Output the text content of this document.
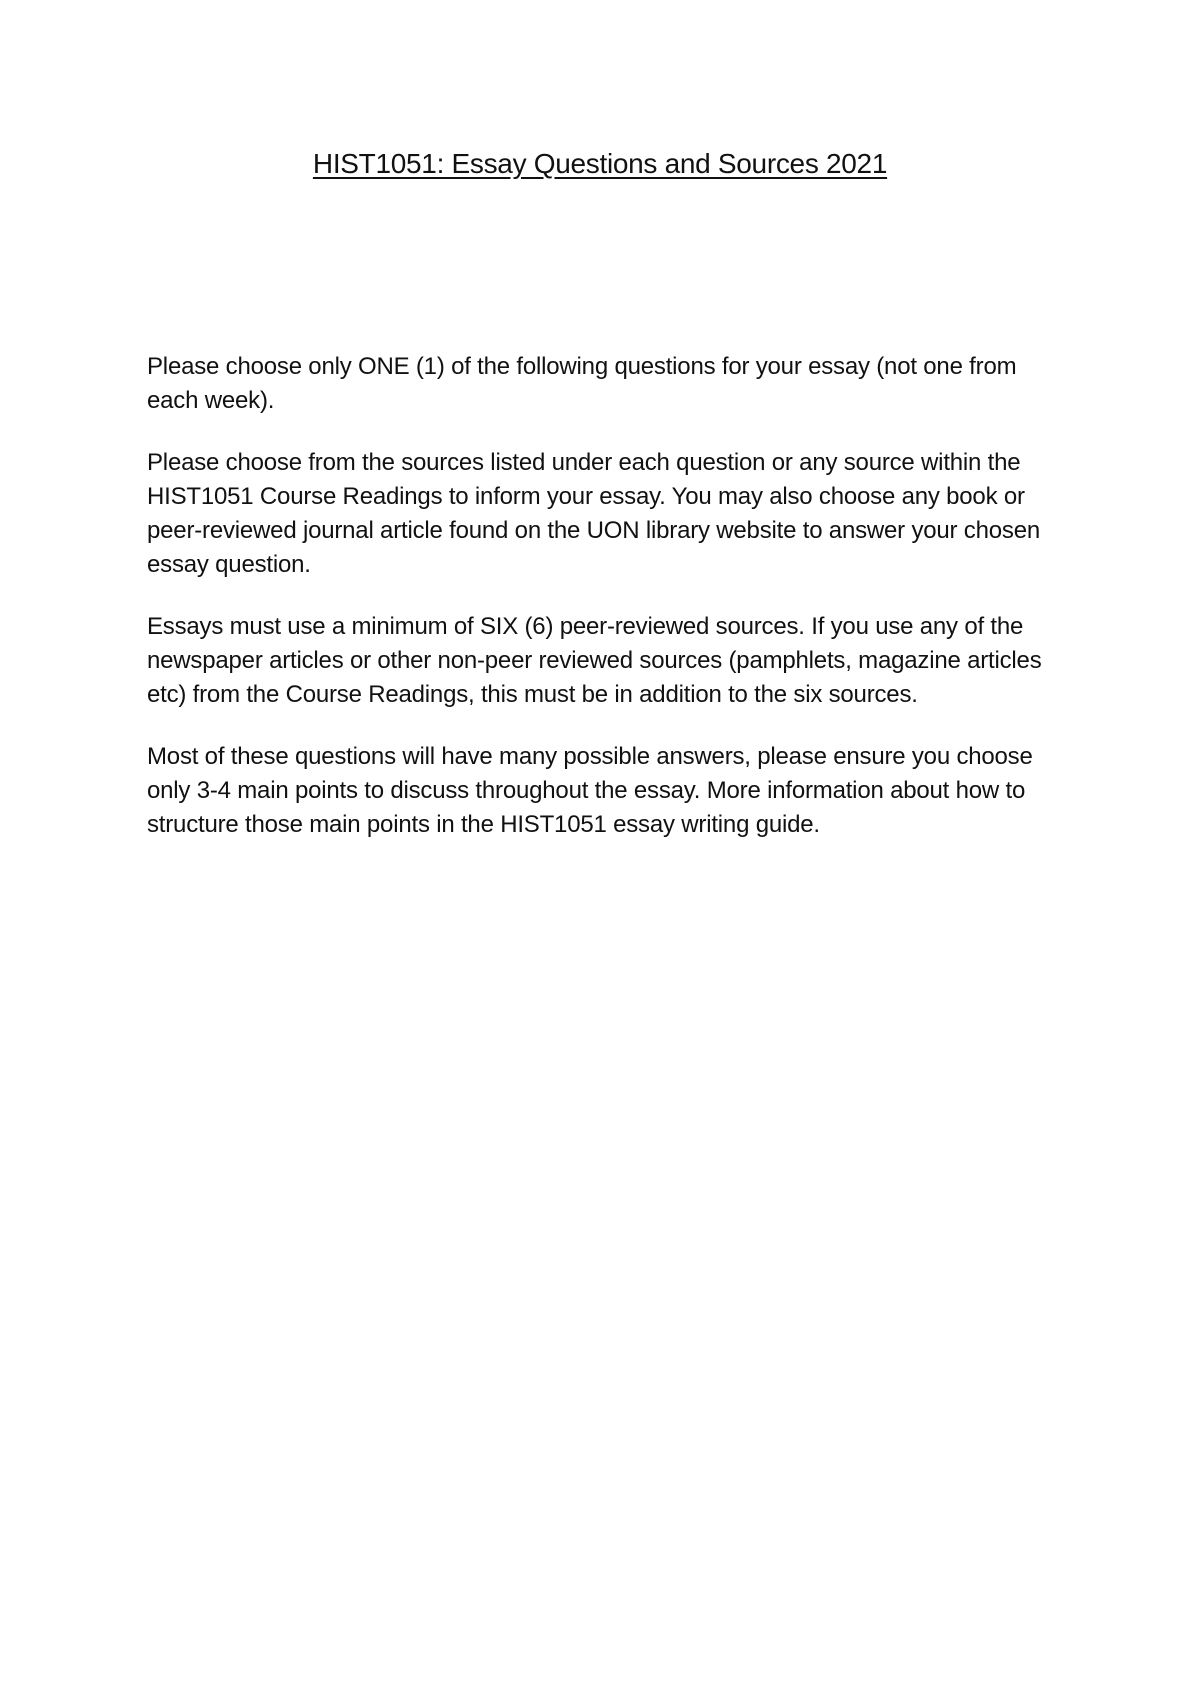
HIST1051: Essay Questions and Sources 2021

Please choose only ONE (1) of the following questions for your essay (not one from each week).

Please choose from the sources listed under each question or any source within the HIST1051 Course Readings to inform your essay. You may also choose any book or peer-reviewed journal article found on the UON library website to answer your chosen essay question.

Essays must use a minimum of SIX (6) peer-reviewed sources. If you use any of the newspaper articles or other non-peer reviewed sources (pamphlets, magazine articles etc) from the Course Readings, this must be in addition to the six sources.

Most of these questions will have many possible answers, please ensure you choose only 3-4 main points to discuss throughout the essay. More information about how to structure those main points in the HIST1051 essay writing guide.
